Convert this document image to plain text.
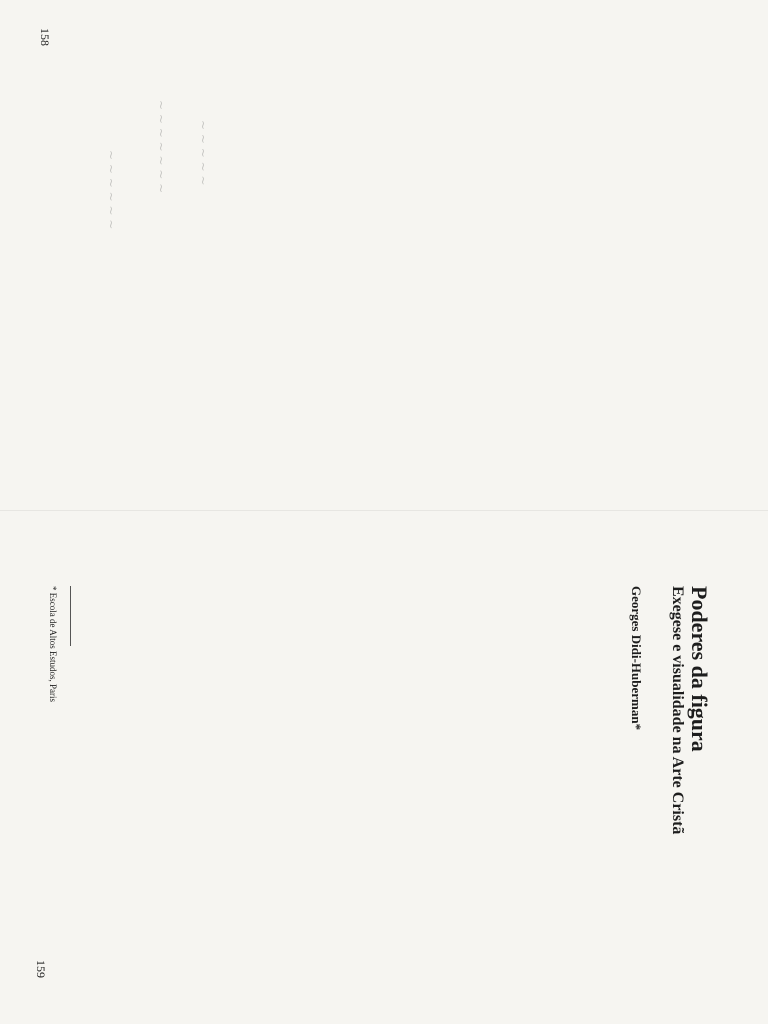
158
~ ~ ~ ~ ~
~ ~ ~ ~ ~ ~ ~
~ ~ ~ ~ ~ ~
Poderes da figura
Exegese e visualidade na Arte Cristã
Georges Didi-Huberman*

* Escola de Altos Estudos, Paris
159
